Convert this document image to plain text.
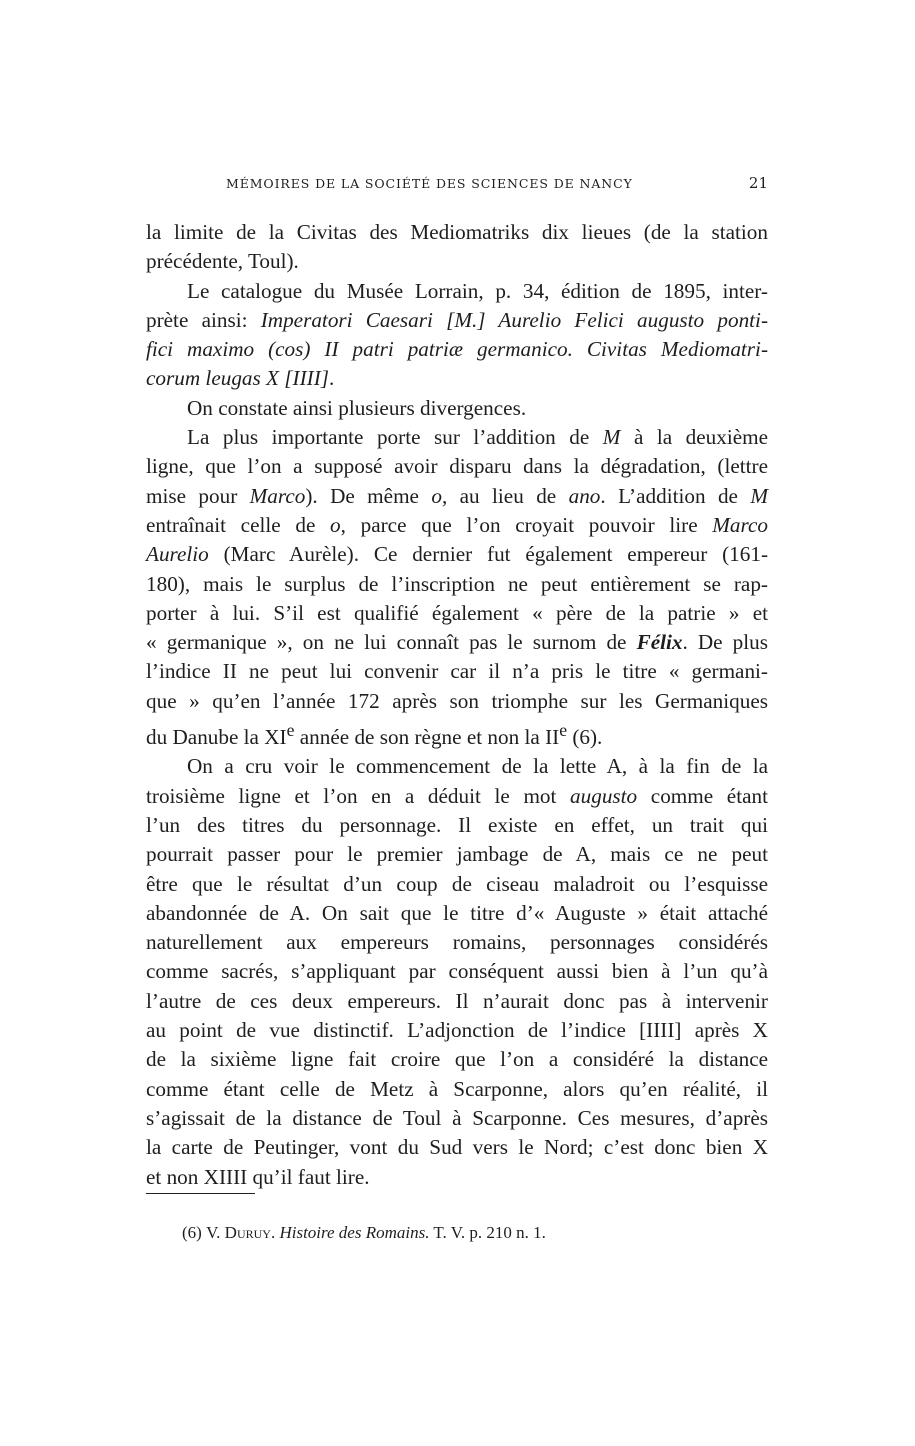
MÉMOIRES DE LA SOCIÉTÉ DES SCIENCES DE NANCY	21
la limite de la Civitas des Mediomatriks dix lieues (de la station
précédente, Toul).
Le catalogue du Musée Lorrain, p. 34, édition de 1895, inter-
prète ainsi: Imperatori Caesari [M.] Aurelio Felici augusto ponti-
fici maximo (cos) II patri patriæ germanico. Civitas Mediomatri-
corum leugas X [IIII].
On constate ainsi plusieurs divergences.
La plus importante porte sur l’addition de M à la deuxième
ligne, que l’on a supposé avoir disparu dans la dégradation, (lettre
mise pour Marco). De même o, au lieu de ano. L’addition de M
entraînait celle de o, parce que l’on croyait pouvoir lire Marco
Aurelio (Marc Aurèle). Ce dernier fut également empereur (161-
180), mais le surplus de l’inscription ne peut entièrement se rap-
porter à lui. S’il est qualifié également « père de la patrie » et
« germanique », on ne lui connaît pas le surnom de Félix. De plus
l’indice II ne peut lui convenir car il n’a pris le titre « germani-
que » qu’en l’année 172 après son triomphe sur les Germaniques
du Danube la XIe année de son règne et non la IIe (6).
On a cru voir le commencement de la lette A, à la fin de la
troisième ligne et l’on en a déduit le mot augusto comme étant
l’un des titres du personnage. Il existe en effet, un trait qui
pourrait passer pour le premier jambage de A, mais ce ne peut
être que le résultat d’un coup de ciseau maladroit ou l’esquisse
abandonnée de A. On sait que le titre d’« Auguste » était attaché
naturellement aux empereurs romains, personnages considérés
comme sacrés, s’appliquant par conséquent aussi bien à l’un qu’à
l’autre de ces deux empereurs. Il n’aurait donc pas à intervenir
au point de vue distinctif. L’adjonction de l’indice [IIII] après X
de la sixième ligne fait croire que l’on a considéré la distance
comme étant celle de Metz à Scarponne, alors qu’en réalité, il
s’agissait de la distance de Toul à Scarponne. Ces mesures, d’après
la carte de Peutinger, vont du Sud vers le Nord; c’est donc bien X
et non XIIII qu’il faut lire.
(6) V. Duruy. Histoire des Romains. T. V. p. 210 n. 1.
